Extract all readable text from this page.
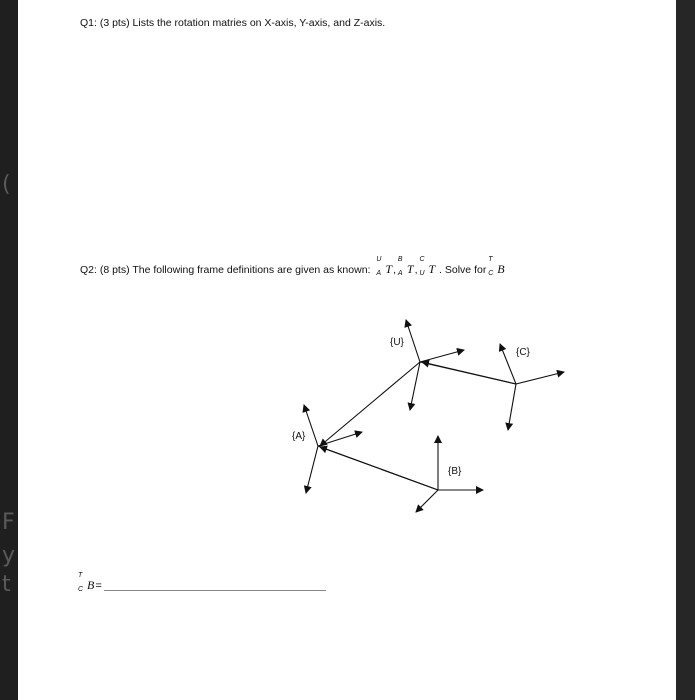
(
F
y
t
Q1: (3 pts) Lists the rotation matries on X-axis, Y-axis, and Z-axis.
Q2: (8 pts) The following frame definitions are given as known:
U
A T,
B
A T,
C
U T . Solve for
T
C B
{U}
{C}
{A}
{B}
T
C B=
